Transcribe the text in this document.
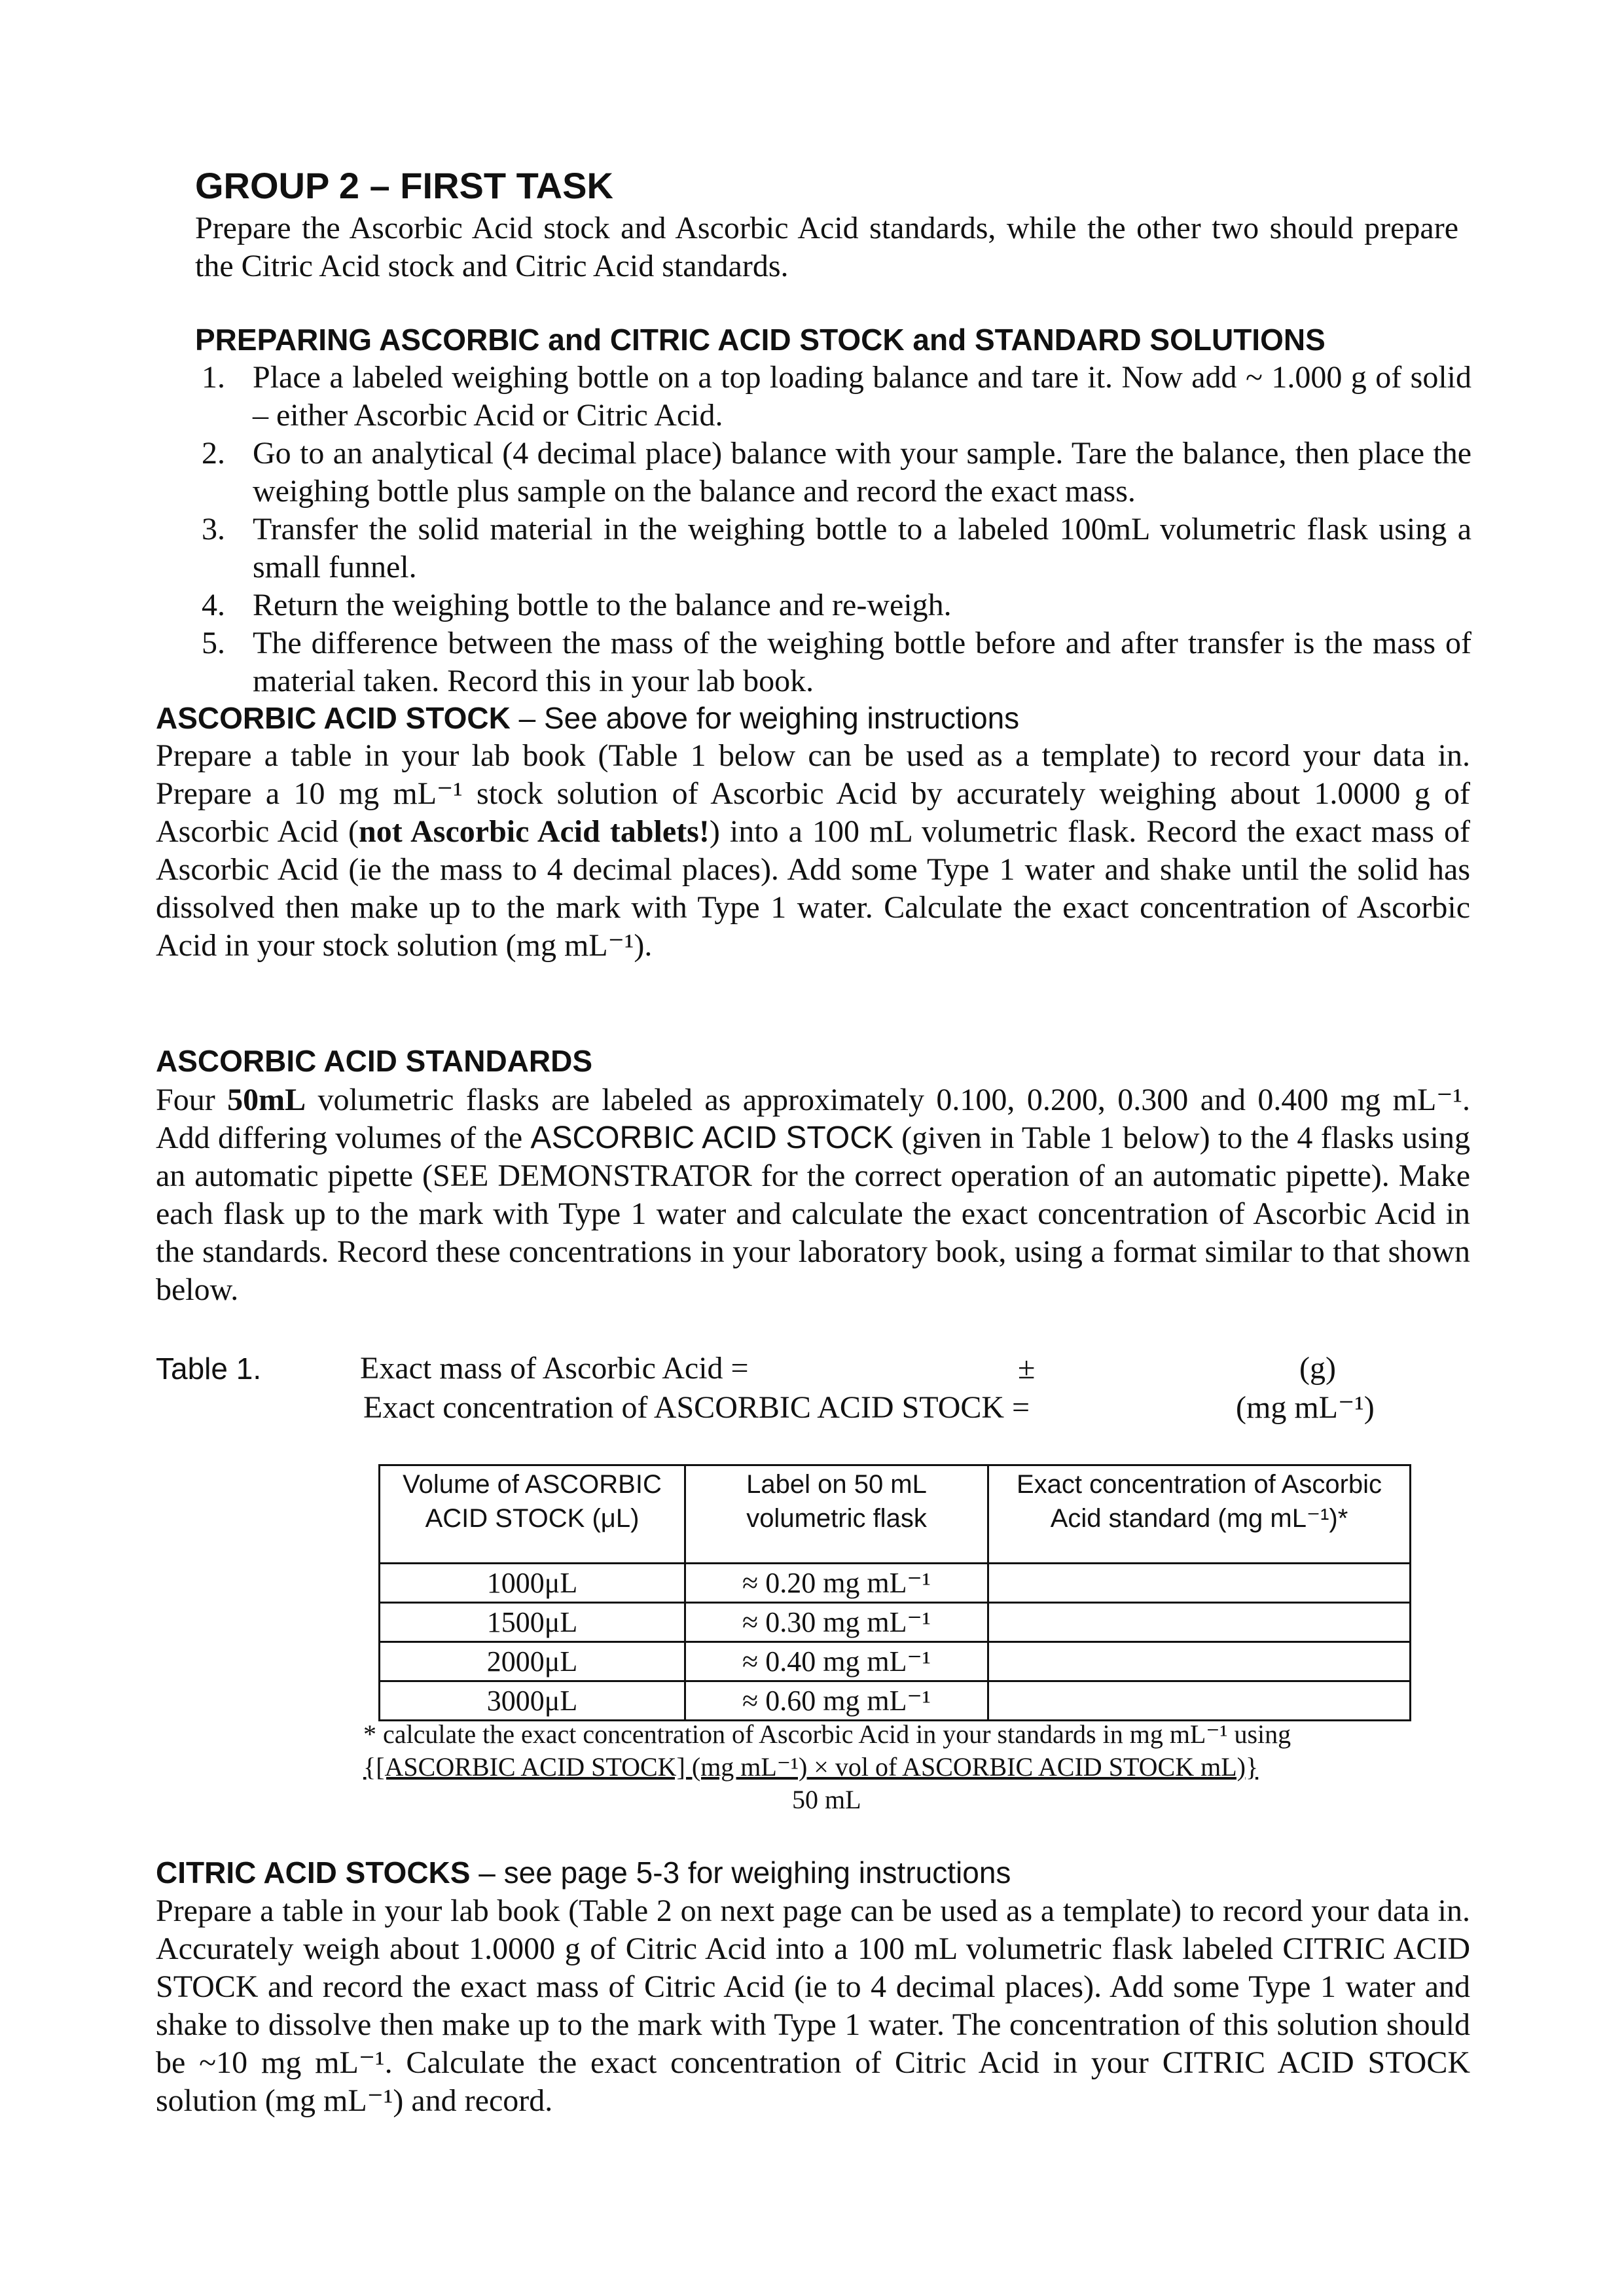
GROUP 2 – FIRST TASK
Prepare the Ascorbic Acid stock and Ascorbic Acid standards, while the other two should prepare the Citric Acid stock and Citric Acid standards.
PREPARING ASCORBIC and CITRIC ACID STOCK and STANDARD SOLUTIONS
1. Place a labeled weighing bottle on a top loading balance and tare it. Now add ~ 1.000 g of solid – either Ascorbic Acid or Citric Acid.
2. Go to an analytical (4 decimal place) balance with your sample. Tare the balance, then place the weighing bottle plus sample on the balance and record the exact mass.
3. Transfer the solid material in the weighing bottle to a labeled 100mL volumetric flask using a small funnel.
4. Return the weighing bottle to the balance and re-weigh.
5. The difference between the mass of the weighing bottle before and after transfer is the mass of material taken. Record this in your lab book.
ASCORBIC ACID STOCK – See above for weighing instructions
Prepare a table in your lab book (Table 1 below can be used as a template) to record your data in. Prepare a 10 mg mL⁻¹ stock solution of Ascorbic Acid by accurately weighing about 1.0000 g of Ascorbic Acid (not Ascorbic Acid tablets!) into a 100 mL volumetric flask. Record the exact mass of Ascorbic Acid (ie the mass to 4 decimal places). Add some Type 1 water and shake until the solid has dissolved then make up to the mark with Type 1 water. Calculate the exact concentration of Ascorbic Acid in your stock solution (mg mL⁻¹).
ASCORBIC ACID STANDARDS
Four 50mL volumetric flasks are labeled as approximately 0.100, 0.200, 0.300 and 0.400 mg mL⁻¹. Add differing volumes of the ASCORBIC ACID STOCK (given in Table 1 below) to the 4 flasks using an automatic pipette (SEE DEMONSTRATOR for the correct operation of an automatic pipette). Make each flask up to the mark with Type 1 water and calculate the exact concentration of Ascorbic Acid in the standards. Record these concentrations in your laboratory book, using a format similar to that shown below.
Table 1.	Exact mass of Ascorbic Acid =	±	(g)
Exact concentration of ASCORBIC ACID STOCK =	(mg mL⁻¹)
Volume of ASCORBIC ACID STOCK (μL)	Label on 50 mL volumetric flask	Exact concentration of Ascorbic Acid standard (mg mL⁻¹)*
1000μL	≈ 0.20 mg mL⁻¹	
1500μL	≈ 0.30 mg mL⁻¹	
2000μL	≈ 0.40 mg mL⁻¹	
3000μL	≈ 0.60 mg mL⁻¹	
* calculate the exact concentration of Ascorbic Acid in your standards in mg mL⁻¹ using
{[ASCORBIC ACID STOCK] (mg mL⁻¹) × vol of ASCORBIC ACID STOCK mL)}
50 mL
CITRIC ACID STOCKS – see page 5-3 for weighing instructions
Prepare a table in your lab book (Table 2 on next page can be used as a template) to record your data in. Accurately weigh about 1.0000 g of Citric Acid into a 100 mL volumetric flask labeled CITRIC ACID STOCK and record the exact mass of Citric Acid (ie to 4 decimal places). Add some Type 1 water and shake to dissolve then make up to the mark with Type 1 water. The concentration of this solution should be ~10 mg mL⁻¹. Calculate the exact concentration of Citric Acid in your CITRIC ACID STOCK solution (mg mL⁻¹) and record.
